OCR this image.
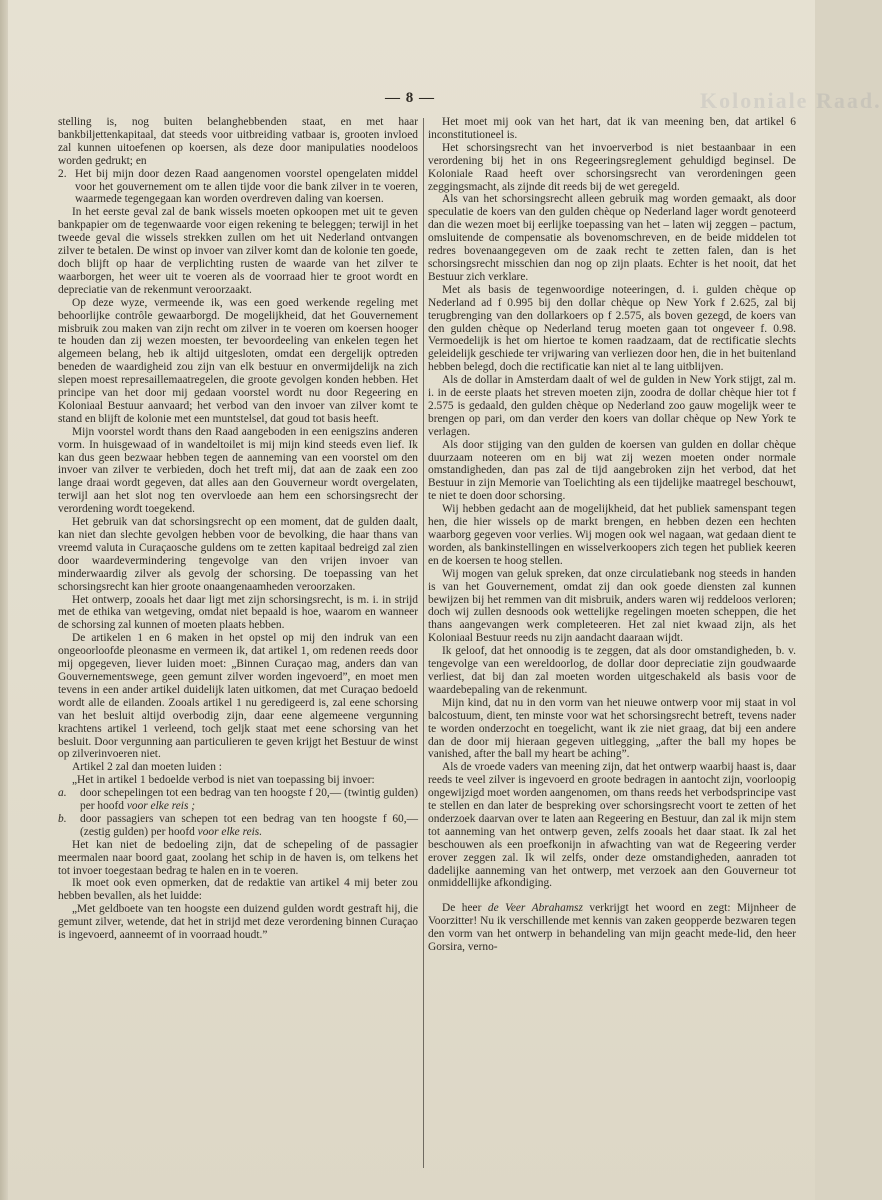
Koloniale Raad.
— 8 —

stelling is, nog buiten belanghebbenden staat, en met haar bankbiljettenkapitaal, dat steeds voor uitbreiding vatbaar is, grooten invloed zal kunnen uitoefenen op koersen, als deze door manipulaties noodeloos worden gedrukt; en

2. Het bij mijn door dezen Raad aangenomen voorstel opengelaten middel voor het gouvernement om te allen tijde voor die bank zilver in te voeren, waarmede tegengegaan kan worden overdreven daling van koersen.

In het eerste geval zal de bank wissels moeten opkoopen met uit te geven bankpapier om de tegenwaarde voor eigen rekening te beleggen; terwijl in het tweede geval die wissels strekken zullen om het uit Nederland ontvangen zilver te betalen. De winst op invoer van zilver komt dan de kolonie ten goede, doch blijft op haar de verplichting rusten de waarde van het zilver te waarborgen, het weer uit te voeren als de voorraad hier te groot wordt en depreciatie van de rekenmunt veroorzaakt.

Op deze wyze, vermeende ik, was een goed werkende regeling met behoorlijke contrôle gewaarborgd. De mogelijkheid, dat het Gouvernement misbruik zou maken van zijn recht om zilver in te voeren om koersen hooger te houden dan zij wezen moesten, ter bevoordeeling van enkelen tegen het algemeen belang, heb ik altijd uitgesloten, omdat een dergelijk optreden beneden de waardigheid zou zijn van elk bestuur en onvermijdelijk na zich slepen moest represaillemaatregelen, die groote gevolgen konden hebben. Het principe van het door mij gedaan voorstel wordt nu door Regeering en Koloniaal Bestuur aanvaard; het verbod van den invoer van zilver komt te stand en blijft de kolonie met een muntstelsel, dat goud tot basis heeft.

Mijn voorstel wordt thans den Raad aangeboden in een eenigszins anderen vorm. In huisgewaad of in wandeltoilet is mij mijn kind steeds even lief. Ik kan dus geen bezwaar hebben tegen de aanneming van een voorstel om den invoer van zilver te verbieden, doch het treft mij, dat aan de zaak een zoo lange draai wordt gegeven, dat alles aan den Gouverneur wordt overgelaten, terwijl aan het slot nog ten overvloede aan hem een schorsingsrecht der verordening wordt toegekend.

Het gebruik van dat schorsingsrecht op een moment, dat de gulden daalt, kan niet dan slechte gevolgen hebben voor de bevolking, die haar thans van vreemd valuta in Curaçaosche guldens om te zetten kapitaal bedreigd zal zien door waardevermindering tengevolge van den vrijen invoer van minderwaardig zilver als gevolg der schorsing. De toepassing van het schorsingsrecht kan hier groote onaangenaamheden veroorzaken.

Het ontwerp, zooals het daar ligt met zijn schorsingsrecht, is m. i. in strijd met de ethika van wetgeving, omdat niet bepaald is hoe, waarom en wanneer de schorsing zal kunnen of moeten plaats hebben.

De artikelen 1 en 6 maken in het opstel op mij den indruk van een ongeoorloofde pleonasme en vermeen ik, dat artikel 1, om redenen reeds door mij opgegeven, liever luiden moet: „Binnen Curaçao mag, anders dan van Gouvernementswege, geen gemunt zilver worden ingevoerd”, en moet men tevens in een ander artikel duidelijk laten uitkomen, dat met Curaçao bedoeld wordt alle de eilanden. Zooals artikel 1 nu geredigeerd is, zal eene schorsing van het besluit altijd overbodig zijn, daar eene algemeene vergunning krachtens artikel 1 verleend, toch geljk staat met eene schorsing van het besluit. Door vergunning aan particulieren te geven krijgt het Bestuur de winst op zilverinvoeren niet.

Artikel 2 zal dan moeten luiden :

„Het in artikel 1 bedoelde verbod is niet van toepassing bij invoer:

a. door schepelingen tot een bedrag van ten hoogste f 20,— (twintig gulden) per hoofd voor elke reis ;

b. door passagiers van schepen tot een bedrag van ten hoogste f 60,— (zestig gulden) per hoofd voor elke reis.

Het kan niet de bedoeling zijn, dat de schepeling of de passagier meermalen naar boord gaat, zoolang het schip in de haven is, om telkens het tot invoer toegestaan bedrag te halen en in te voeren.

Ik moet ook even opmerken, dat de redaktie van artikel 4 mij beter zou hebben bevallen, als het luidde:

„Met geldboete van ten hoogste een duizend gulden wordt gestraft hij, die gemunt zilver, wetende, dat het in strijd met deze verordening binnen Curaçao is ingevoerd, aanneemt of in voorraad houdt.”

Het moet mij ook van het hart, dat ik van meening ben, dat artikel 6 inconstitutioneel is.

Het schorsingsrecht van het invoerverbod is niet bestaanbaar in een verordening bij het in ons Regeeringsreglement gehuldigd beginsel. De Koloniale Raad heeft over schorsingsrecht van verordeningen geen zeggingsmacht, als zijnde dit reeds bij de wet geregeld.

Als van het schorsingsrecht alleen gebruik mag worden gemaakt, als door speculatie de koers van den gulden chèque op Nederland lager wordt genoteerd dan die wezen moet bij eerlijke toepassing van het – laten wij zeggen – pactum, omsluitende de compensatie als bovenomschreven, en de beide middelen tot redres bovenaangegeven om de zaak recht te zetten falen, dan is het schorsingsrecht misschien dan nog op zijn plaats. Echter is het nooit, dat het Bestuur zich verklare.

Met als basis de tegenwoordige noteeringen, d. i. gulden chèque op Nederland ad f 0.995 bij den dollar chèque op New York f 2.625, zal bij terugbrenging van den dollarkoers op f 2.575, als boven gezegd, de koers van den gulden chèque op Nederland terug moeten gaan tot ongeveer f. 0.98. Vermoedelijk is het om hiertoe te komen raadzaam, dat de rectificatie slechts geleidelijk geschiede ter vrijwaring van verliezen door hen, die in het buitenland hebben belegd, doch die rectificatie kan niet al te lang uitblijven.

Als de dollar in Amsterdam daalt of wel de gulden in New York stijgt, zal m. i. in de eerste plaats het streven moeten zijn, zoodra de dollar chèque hier tot f 2.575 is gedaald, den gulden chèque op Nederland zoo gauw mogelijk weer te brengen op pari, om dan verder den koers van dollar chèque op New York te verlagen.

Als door stijging van den gulden de koersen van gulden en dollar chèque duurzaam noteeren om en bij wat zij wezen moeten onder normale omstandigheden, dan pas zal de tijd aangebroken zijn het verbod, dat het Bestuur in zijn Memorie van Toelichting als een tijdelijke maatregel beschouwt, te niet te doen door schorsing.

Wij hebben gedacht aan de mogelijkheid, dat het publiek samenspant tegen hen, die hier wissels op de markt brengen, en hebben dezen een hechten waarborg gegeven voor verlies. Wij mogen ook wel nagaan, wat gedaan dient te worden, als bankinstellingen en wisselverkoopers zich tegen het publiek keeren en de koersen te hoog stellen.

Wij mogen van geluk spreken, dat onze circulatiebank nog steeds in handen is van het Gouvernement, omdat zij dan ook goede diensten zal kunnen bewijzen bij het remmen van dit misbruik, anders waren wij reddeloos verloren; doch wij zullen desnoods ook wettelijke regelingen moeten scheppen, die het thans aangevangen werk completeeren. Het zal niet kwaad zijn, als het Koloniaal Bestuur reeds nu zijn aandacht daaraan wijdt.

Ik geloof, dat het onnoodig is te zeggen, dat als door omstandigheden, b. v. tengevolge van een wereldoorlog, de dollar door depreciatie zijn goudwaarde verliest, dat bij dan zal moeten worden uitgeschakeld als basis voor de waardebepaling van de rekenmunt.

Mijn kind, dat nu in den vorm van het nieuwe ontwerp voor mij staat in vol balcostuum, dient, ten minste voor wat het schorsingsrecht betreft, tevens nader te worden onderzocht en toegelicht, want ik zie niet graag, dat bij een andere dan de door mij hieraan gegeven uitlegging, „after the ball my hopes be vanished, after the ball my heart be aching”.

Als de vroede vaders van meening zijn, dat het ontwerp waarbij haast is, daar reeds te veel zilver is ingevoerd en groote bedragen in aantocht zijn, voorloopig ongewijzigd moet worden aangenomen, om thans reeds het verbodsprincipe vast te stellen en dan later de bespreking over schorsingsrecht voort te zetten of het onderzoek daarvan over te laten aan Regeering en Bestuur, dan zal ik mijn stem tot aanneming van het ontwerp geven, zelfs zooals het daar staat. Ik zal het beschouwen als een proefkonijn in afwachting van wat de Regeering verder erover zeggen zal. Ik wil zelfs, onder deze omstandigheden, aanraden tot dadelijke aanneming van het ontwerp, met verzoek aan den Gouverneur tot onmiddellijke afkondiging.

De heer de Veer Abrahamsz verkrijgt het woord en zegt: Mijnheer de Voorzitter! Nu ik verschillende met kennis van zaken geopperde bezwaren tegen den vorm van het ontwerp in behandeling van mijn geacht mede-lid, den heer Gorsira, verno-
